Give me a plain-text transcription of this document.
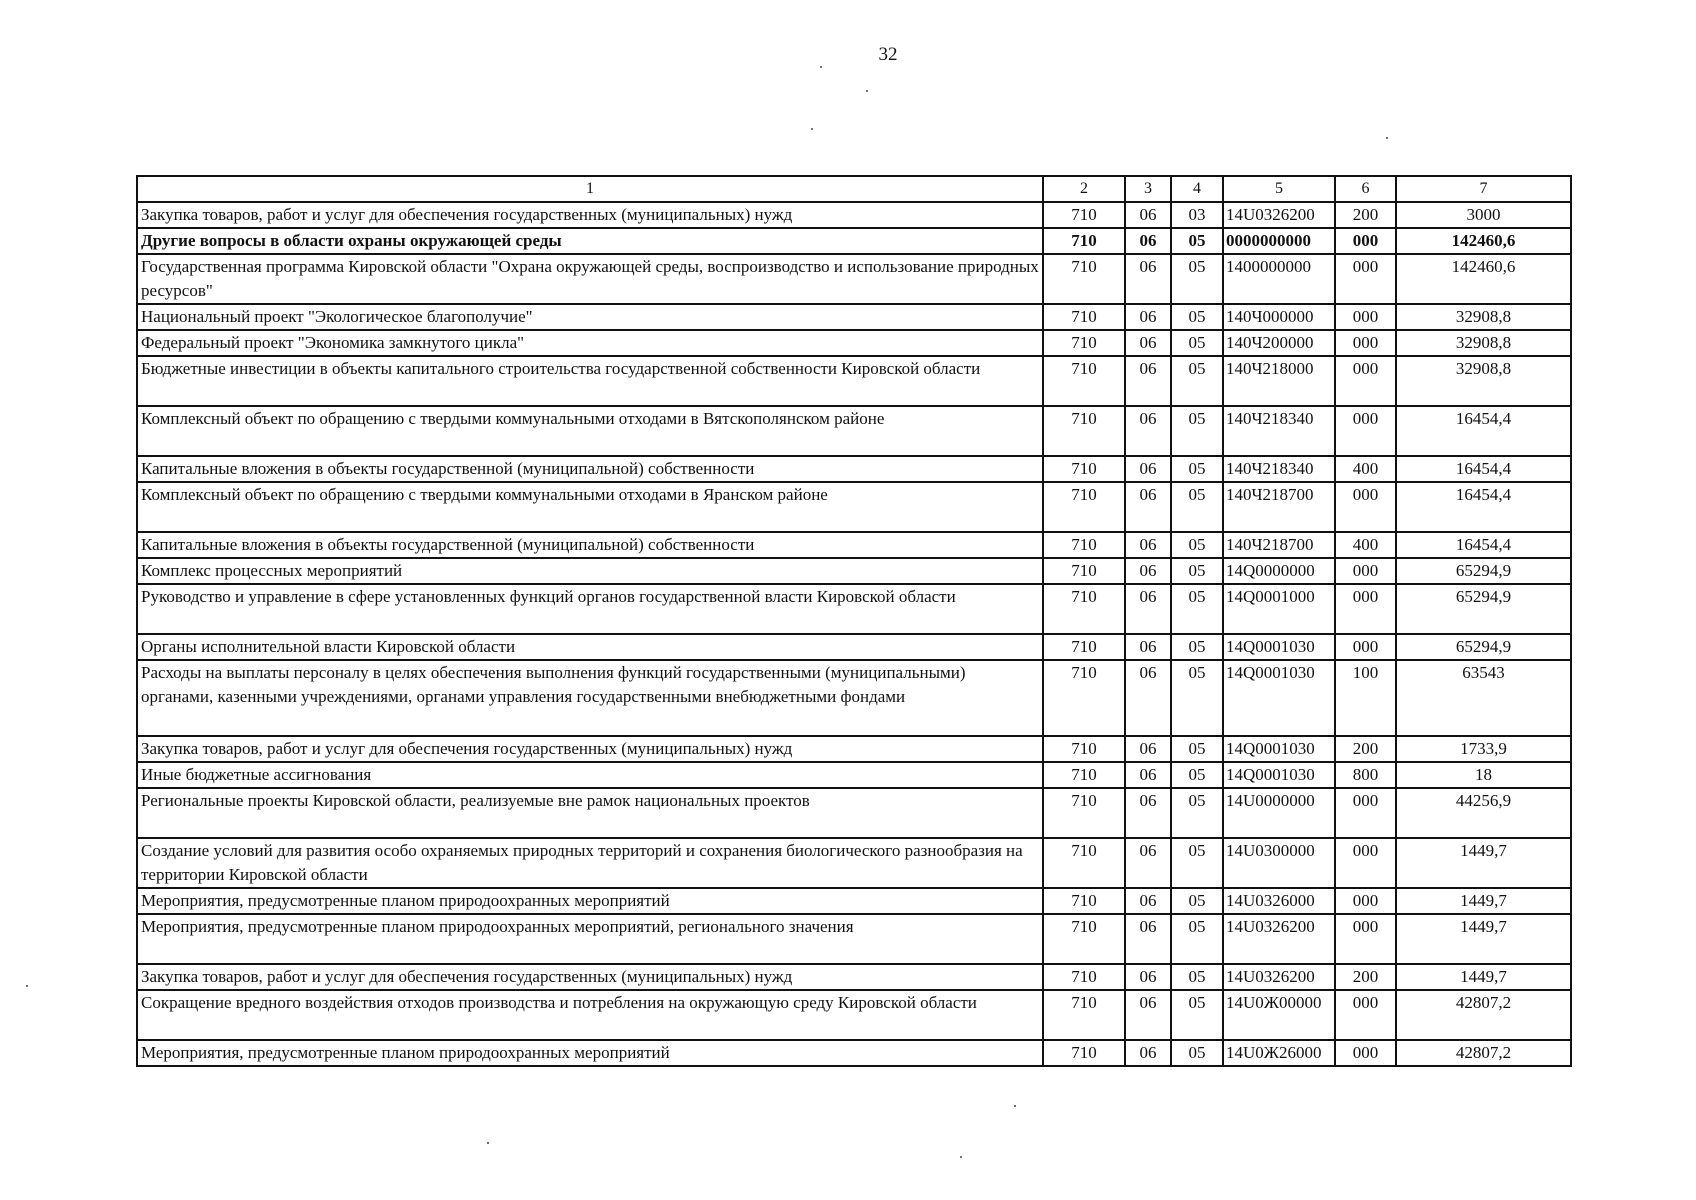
32
1	2	3	4	5	6	7
Закупка товаров, работ и услуг для обеспечения государственных (муниципальных) нужд	710	06	03	14U0326200	200	3000
Другие вопросы в области охраны окружающей среды	710	06	05	0000000000	000	142460,6
Государственная программа Кировской области "Охрана окружающей среды, воспроизводство и использование природных ресурсов"	710	06	05	1400000000	000	142460,6
Национальный проект "Экологическое благополучие"	710	06	05	140Ч000000	000	32908,8
Федеральный проект "Экономика замкнутого цикла"	710	06	05	140Ч200000	000	32908,8
Бюджетные инвестиции в объекты капитального строительства государственной собственности Кировской области	710	06	05	140Ч218000	000	32908,8
Комплексный объект по обращению с твердыми коммунальными отходами в Вятскополянском районе	710	06	05	140Ч218340	000	16454,4
Капитальные вложения в объекты государственной (муниципальной) собственности	710	06	05	140Ч218340	400	16454,4
Комплексный объект по обращению с твердыми коммунальными отходами в Яранском районе	710	06	05	140Ч218700	000	16454,4
Капитальные вложения в объекты государственной (муниципальной) собственности	710	06	05	140Ч218700	400	16454,4
Комплекс процессных мероприятий	710	06	05	14Q0000000	000	65294,9
Руководство и управление в сфере установленных функций органов государственной власти Кировской области	710	06	05	14Q0001000	000	65294,9
Органы исполнительной власти Кировской области	710	06	05	14Q0001030	000	65294,9
Расходы на выплаты персоналу в целях обеспечения выполнения функций государственными (муниципальными) органами, казенными учреждениями, органами управления государственными внебюджетными фондами	710	06	05	14Q0001030	100	63543
Закупка товаров, работ и услуг для обеспечения государственных (муниципальных) нужд	710	06	05	14Q0001030	200	1733,9
Иные бюджетные ассигнования	710	06	05	14Q0001030	800	18
Региональные проекты Кировской области, реализуемые вне рамок национальных проектов	710	06	05	14U0000000	000	44256,9
Создание условий для развития особо охраняемых природных территорий и сохранения биологического разнообразия на территории Кировской области	710	06	05	14U0300000	000	1449,7
Мероприятия, предусмотренные планом природоохранных мероприятий	710	06	05	14U0326000	000	1449,7
Мероприятия, предусмотренные планом природоохранных мероприятий, регионального значения	710	06	05	14U0326200	000	1449,7
Закупка товаров, работ и услуг для обеспечения государственных (муниципальных) нужд	710	06	05	14U0326200	200	1449,7
Сокращение вредного воздействия отходов производства и потребления на окружающую среду Кировской области	710	06	05	14U0Ж00000	000	42807,2
Мероприятия, предусмотренные планом природоохранных мероприятий	710	06	05	14U0Ж26000	000	42807,2
